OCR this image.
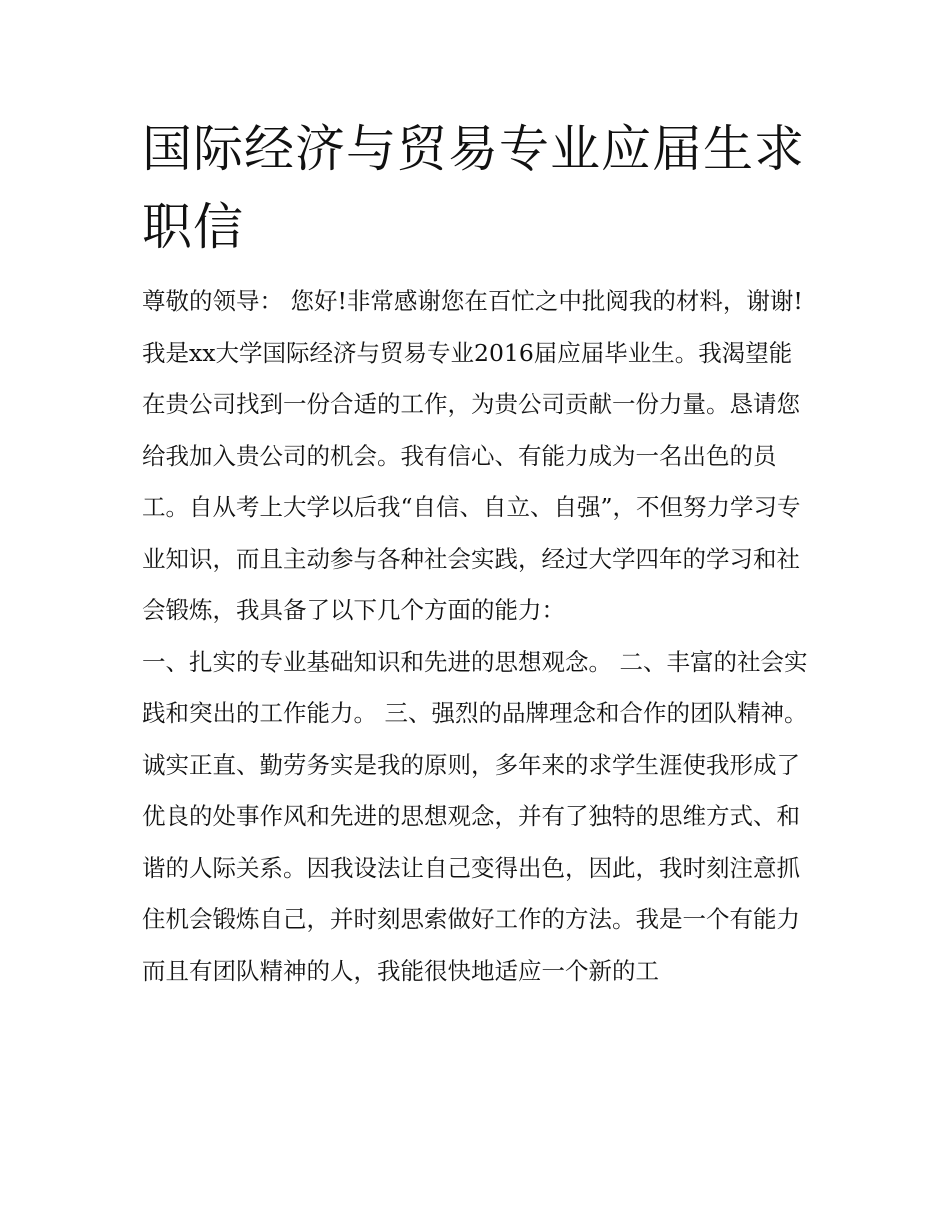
国际经济与贸易专业应届生求职信

尊敬的领导： 您好!非常感谢您在百忙之中批阅我的材料，谢谢!

我是xx大学国际经济与贸易专业2016届应届毕业生。我渴望能在贵公司找到一份合适的工作，为贵公司贡献一份力量。恳请您给我加入贵公司的机会。我有信心、有能力成为一名出色的员工。自从考上大学以后我“自信、自立、自强”，不但努力学习专业知识，而且主动参与各种社会实践，经过大学四年的学习和社会锻炼，我具备了以下几个方面的能力：

一、扎实的专业基础知识和先进的思想观念。 二、丰富的社会实践和突出的工作能力。 三、强烈的品牌理念和合作的团队精神。

诚实正直、勤劳务实是我的原则，多年来的求学生涯使我形成了优良的处事作风和先进的思想观念，并有了独特的思维方式、和谐的人际关系。因我设法让自己变得出色，因此，我时刻注意抓住机会锻炼自己，并时刻思索做好工作的方法。我是一个有能力而且有团队精神的人，我能很快地适应一个新的工
